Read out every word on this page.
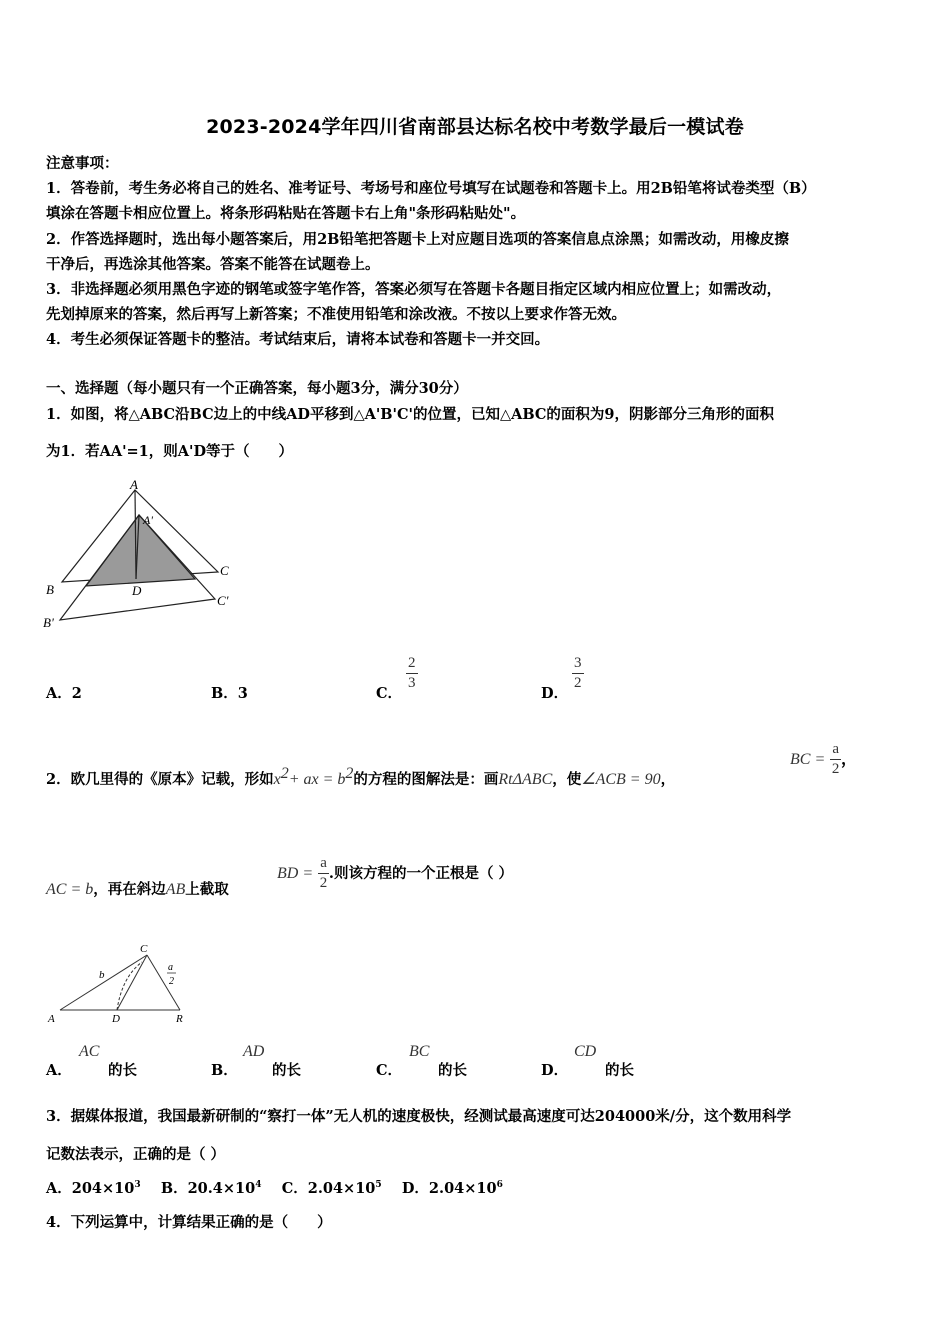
2023-2024学年四川省南部县达标名校中考数学最后一模试卷
注意事项：
1．答卷前，考生务必将自己的姓名、准考证号、考场号和座位号填写在试题卷和答题卡上。用2B铅笔将试卷类型（B）
填涂在答题卡相应位置上。将条形码粘贴在答题卡右上角"条形码粘贴处"。
2．作答选择题时，选出每小题答案后，用2B铅笔把答题卡上对应题目选项的答案信息点涂黑；如需改动，用橡皮擦
干净后，再选涂其他答案。答案不能答在试题卷上。
3．非选择题必须用黑色字迹的钢笔或签字笔作答，答案必须写在答题卡各题目指定区域内相应位置上；如需改动，
先划掉原来的答案，然后再写上新答案；不准使用铅笔和涂改液。不按以上要求作答无效。
4．考生必须保证答题卡的整洁。考试结束后，请将本试卷和答题卡一并交回。
一、选择题（每小题只有一个正确答案，每小题3分，满分30分）
1．如图，将△ABC沿BC边上的中线AD平移到△A'B'C'的位置，已知△ABC的面积为9，阴影部分三角形的面积
为1．若AA'=1，则A'D等于（　　）
A
A'
B
C
D
B'
C'
A．2	B．3	C．
$\frac{2}{3}$
D．
$\frac{3}{2}$
2．欧几里得的《原本》记载，形如$x^2+$ ax = $b^2$的方程的图解法是：画RtΔABC，使∠ACB = 90，
BC = $\frac{a}{2}$ ，
AC = b，再在斜边AB上截取
BD = $\frac{a}{2}$ .则该方程的一个正根是（ ）
A	D	R
C
b
a
2
A．
AC
的长	B．
AD
的长	C．
BC
的长	D．
CD
的长
3．据媒体报道，我国最新研制的“察打一体”无人机的速度极快，经测试最高速度可达204000米/分，这个数用科学
记数法表示，正确的是（ ）
A．$204\times 10^3$ B．$20.4\times 10^4$ C．$2.04\times 10^5$ D．$2.04\times 10^6$
4．下列运算中，计算结果正确的是（　　）
